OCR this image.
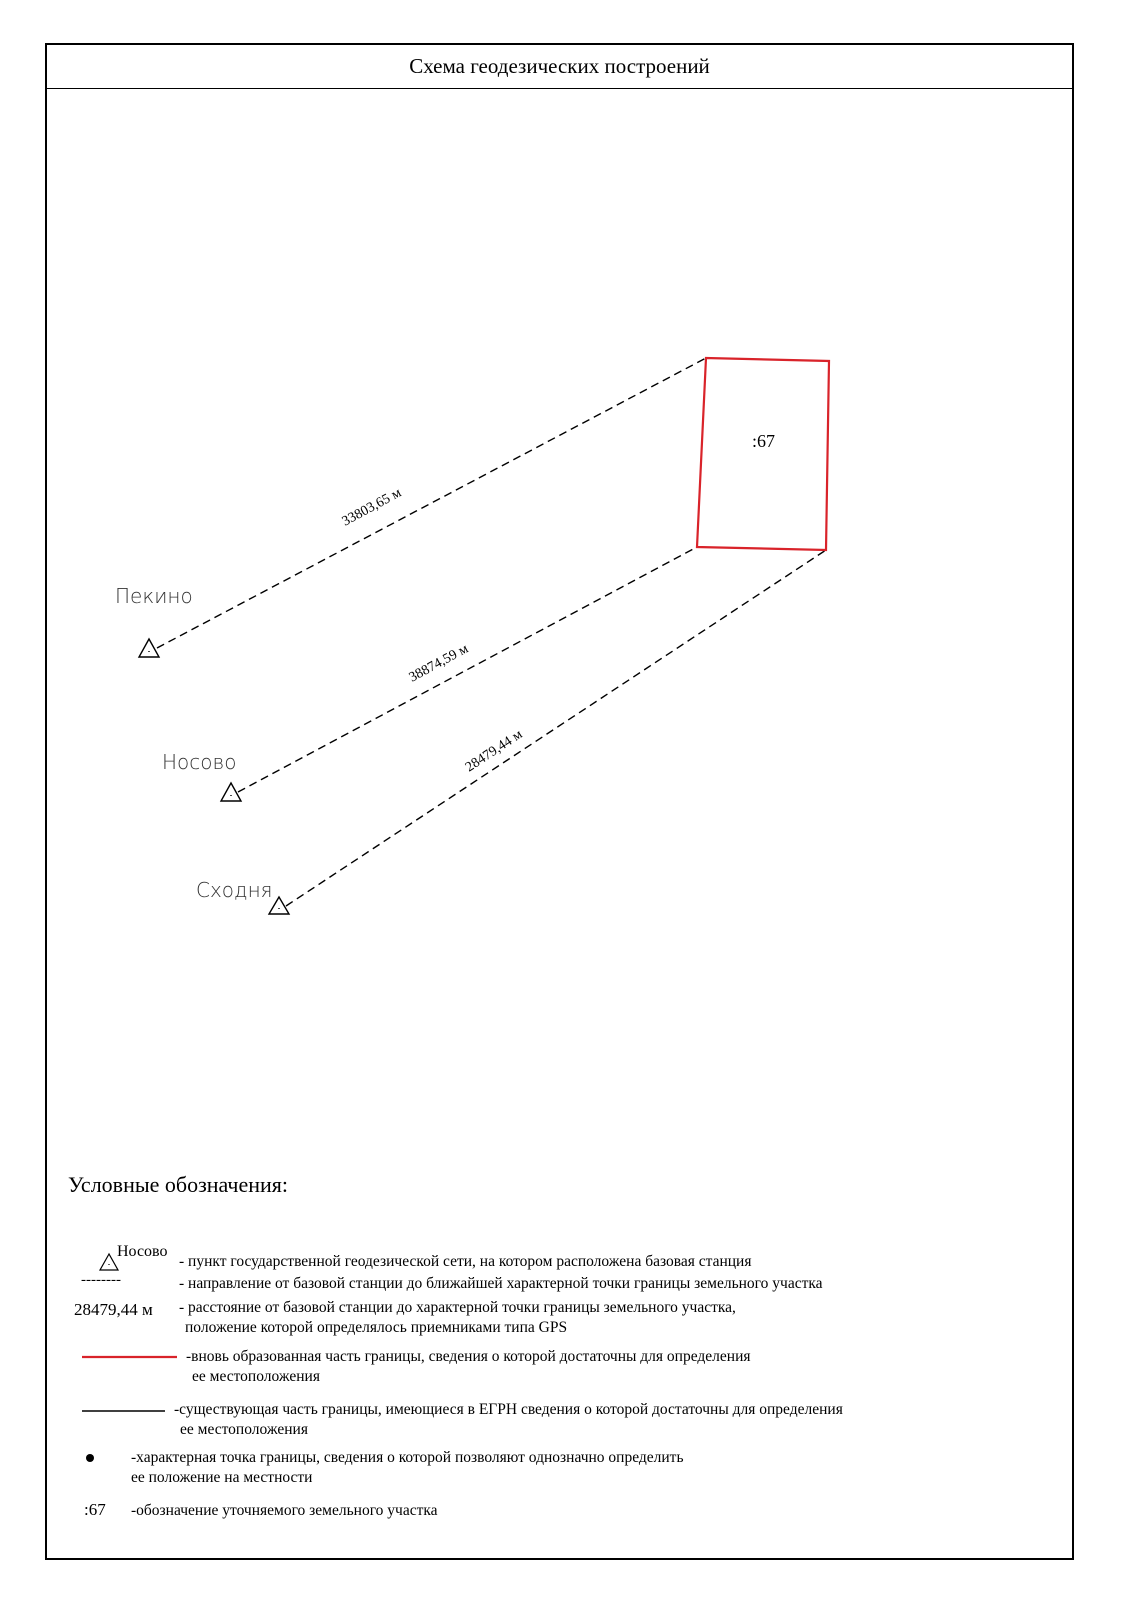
Схема геодезических построений
:67
33803,65 м
38874,59 м
28479,44 м
Пекино
Носово
Сходня
Носово
Условные обозначения:
- пункт государственной геодезической сети, на котором расположена базовая станция
--------	- направление от базовой станции до ближайшей характерной точки границы земельного участка
28479,44 м - расстояние от базовой станции до характерной точки границы земельного участка,
положение которой определялось приемниками типа GPS
-вновь образованная часть границы, сведения о которой достаточны для определения
ее местоположения
-существующая часть границы, имеющиеся в ЕГРН сведения о которой достаточны для определения
ее местоположения
-характерная точка границы, сведения о которой позволяют однозначно определить
ее положение на местности
:67 -обозначение уточняемого земельного участка
